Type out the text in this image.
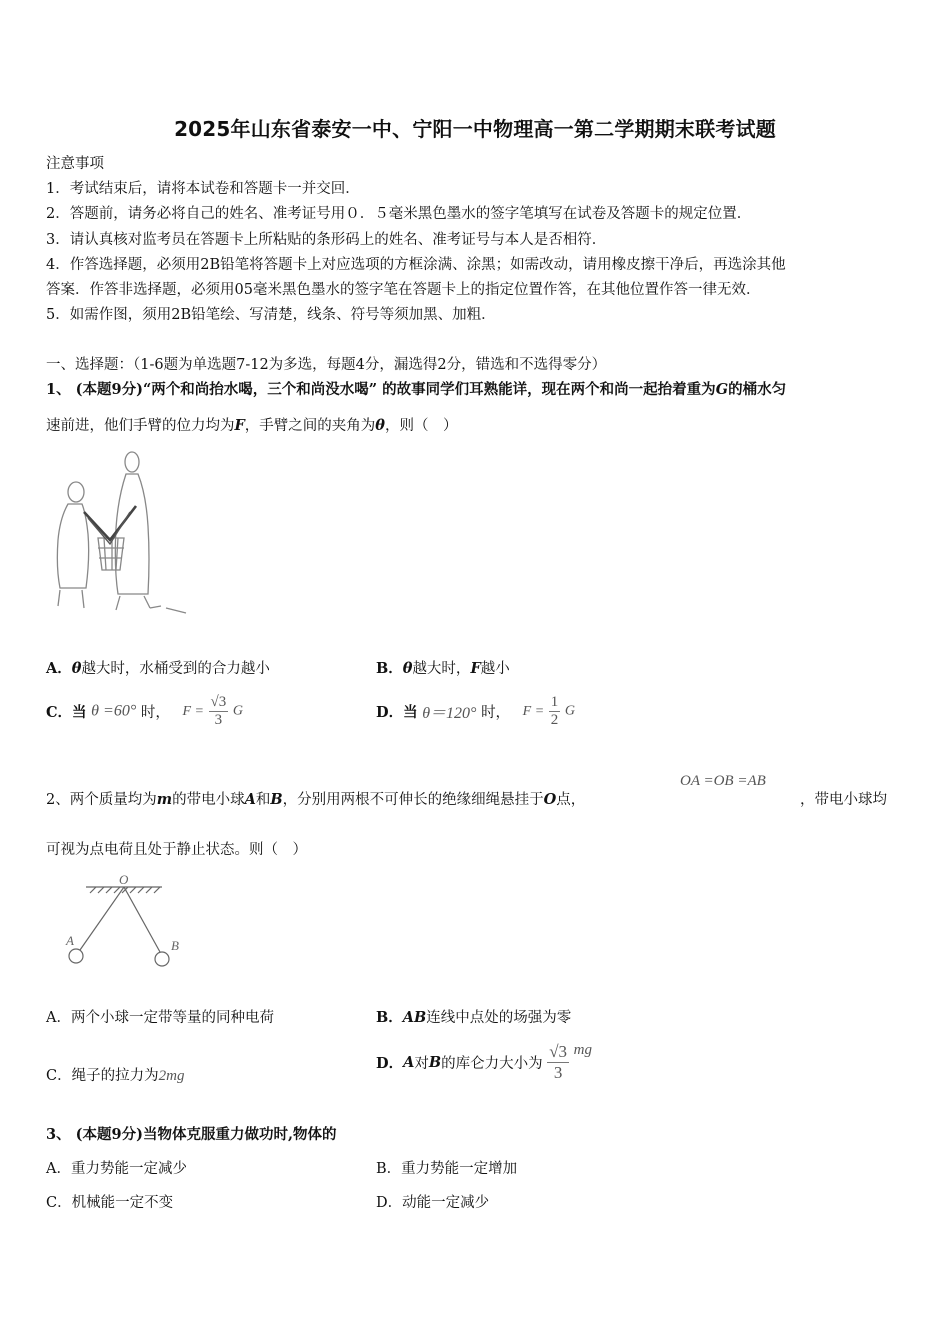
2025年山东省泰安一中、宁阳一中物理高一第二学期期末联考试题
注意事项
1．考试结束后，请将本试卷和答题卡一并交回．
2．答题前，请务必将自己的姓名、准考证号用０．５毫米黑色墨水的签字笔填写在试卷及答题卡的规定位置．
3．请认真核对监考员在答题卡上所粘贴的条形码上的姓名、准考证号与本人是否相符．
4．作答选择题，必须用2B铅笔将答题卡上对应选项的方框涂满、涂黑；如需改动，请用橡皮擦干净后，再选涂其他
答案．作答非选择题，必须用05毫米黑色墨水的签字笔在答题卡上的指定位置作答，在其他位置作答一律无效．
5．如需作图，须用2B铅笔绘、写清楚，线条、符号等须加黑、加粗．
一、选择题：（1-6题为单选题7-12为多选，每题4分，漏选得2分，错选和不选得零分）
1、 (本题9分)“两个和尚抬水喝，三个和尚没水喝” 的故事同学们耳熟能详，现在两个和尚一起抬着重为G的桶水匀
速前进，他们手臂的位力均为F，手臂之间的夹角为θ，则（　）
A．θ越大时，水桶受到的合力越小	B．θ越大时，F越小
C．当 θ =60° 时， $F = \frac{√3}{3}$ G	D．当 θ＝120° 时， $F = \frac{1}{2}$ G
2、两个质量均为m的带电小球A和B，分别用两根不可伸长的绝缘细绳悬挂于O点，
OA =OB =AB
，带电小球均
可视为点电荷且处于静止状态。则（　）
O
A	B
A．两个小球一定带等量的同种电荷	B．AB连线中点处的场强为零
C．绳子的拉力为2mg
D．A对B的库仑力大小为 $\frac{√3}{3}$ mg
3、 (本题9分)当物体克服重力做功时,物体的
A．重力势能一定减少	B．重力势能一定增加
C．机械能一定不变	D．动能一定减少
